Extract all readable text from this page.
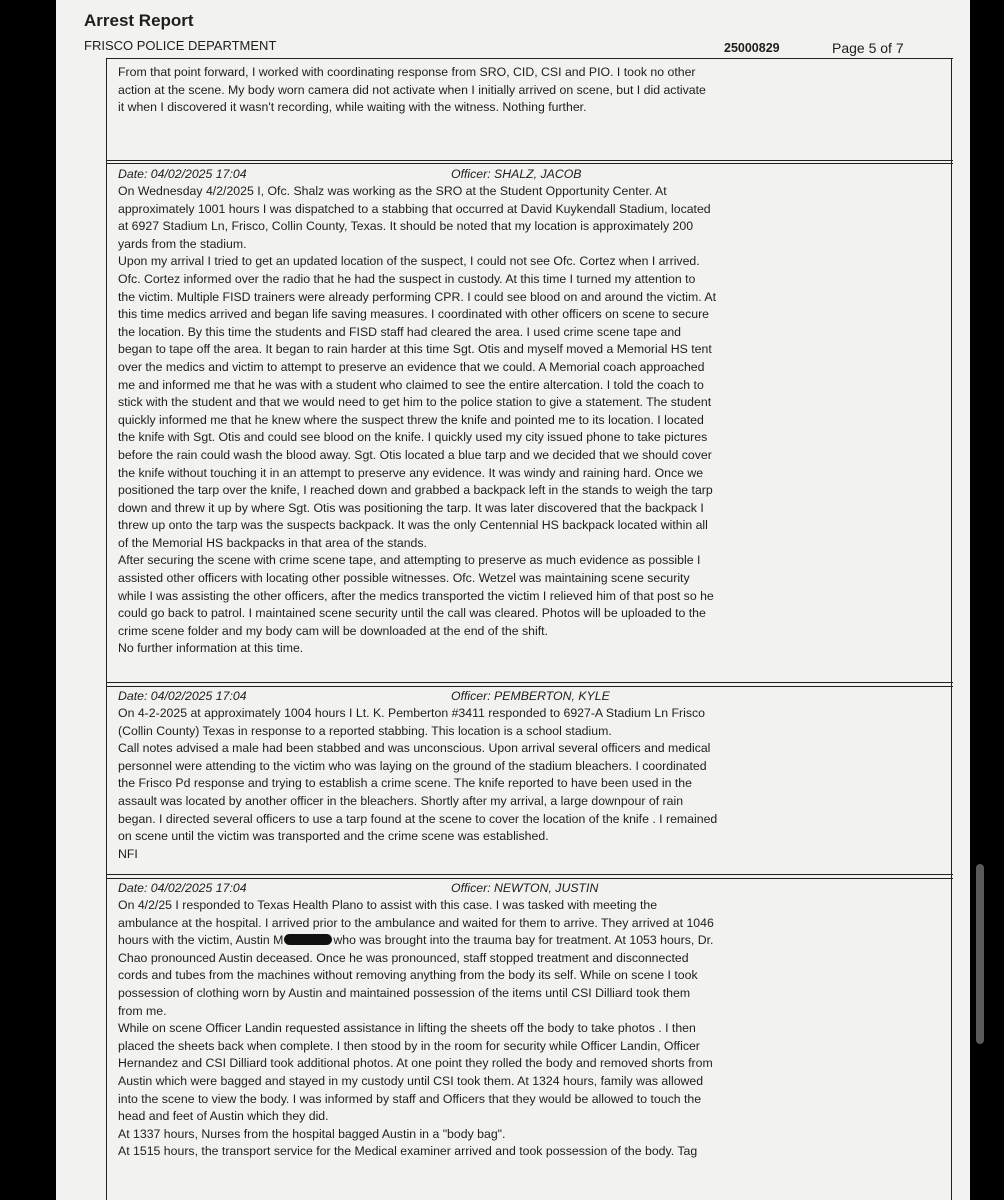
Arrest Report
FRISCO POLICE DEPARTMENT	25000829	Page 5 of 7
From that point forward, I worked with coordinating response from SRO, CID, CSI and PIO. I took no other
action at the scene. My body worn camera did not activate when I initially arrived on scene, but I did activate
it when I discovered it wasn't recording, while waiting with the witness. Nothing further.
Date: 04/02/2025 17:04	Officer: SHALZ, JACOB
On Wednesday 4/2/2025 I, Ofc. Shalz was working as the SRO at the Student Opportunity Center. At
approximately 1001 hours I was dispatched to a stabbing that occurred at David Kuykendall Stadium, located
at 6927 Stadium Ln, Frisco, Collin County, Texas. It should be noted that my location is approximately 200
yards from the stadium.
Upon my arrival I tried to get an updated location of the suspect, I could not see Ofc. Cortez when I arrived.
Ofc. Cortez informed over the radio that he had the suspect in custody. At this time I turned my attention to
the victim. Multiple FISD trainers were already performing CPR. I could see blood on and around the victim. At
this time medics arrived and began life saving measures. I coordinated with other officers on scene to secure
the location. By this time the students and FISD staff had cleared the area. I used crime scene tape and
began to tape off the area. It began to rain harder at this time Sgt. Otis and myself moved a Memorial HS tent
over the medics and victim to attempt to preserve an evidence that we could. A Memorial coach approached
me and informed me that he was with a student who claimed to see the entire altercation. I told the coach to
stick with the student and that we would need to get him to the police station to give a statement. The student
quickly informed me that he knew where the suspect threw the knife and pointed me to its location. I located
the knife with Sgt. Otis and could see blood on the knife. I quickly used my city issued phone to take pictures
before the rain could wash the blood away. Sgt. Otis located a blue tarp and we decided that we should cover
the knife without touching it in an attempt to preserve any evidence. It was windy and raining hard. Once we
positioned the tarp over the knife, I reached down and grabbed a backpack left in the stands to weigh the tarp
down and threw it up by where Sgt. Otis was positioning the tarp. It was later discovered that the backpack I
threw up onto the tarp was the suspects backpack. It was the only Centennial HS backpack located within all
of the Memorial HS backpacks in that area of the stands.
After securing the scene with crime scene tape, and attempting to preserve as much evidence as possible I
assisted other officers with locating other possible witnesses. Ofc. Wetzel was maintaining scene security
while I was assisting the other officers, after the medics transported the victim I relieved him of that post so he
could go back to patrol. I maintained scene security until the call was cleared. Photos will be uploaded to the
crime scene folder and my body cam will be downloaded at the end of the shift.
No further information at this time.
Date: 04/02/2025 17:04	Officer: PEMBERTON, KYLE
On 4-2-2025 at approximately 1004 hours I Lt. K. Pemberton #3411 responded to 6927-A Stadium Ln Frisco
(Collin County) Texas in response to a reported stabbing. This location is a school stadium.
Call notes advised a male had been stabbed and was unconscious. Upon arrival several officers and medical
personnel were attending to the victim who was laying on the ground of the stadium bleachers. I coordinated
the Frisco Pd response and trying to establish a crime scene. The knife reported to have been used in the
assault was located by another officer in the bleachers. Shortly after my arrival, a large downpour of rain
began. I directed several officers to use a tarp found at the scene to cover the location of the knife . I remained
on scene until the victim was transported and the crime scene was established.
NFI
Date: 04/02/2025 17:04	Officer: NEWTON, JUSTIN
On 4/2/25 I responded to Texas Health Plano to assist with this case. I was tasked with meeting the
ambulance at the hospital. I arrived prior to the ambulance and waited for them to arrive. They arrived at 1046
hours with the victim, Austin M	who was brought into the trauma bay for treatment. At 1053 hours, Dr.
Chao pronounced Austin deceased. Once he was pronounced, staff stopped treatment and disconnected
cords and tubes from the machines without removing anything from the body its self. While on scene I took
possession of clothing worn by Austin and maintained possession of the items until CSI Dilliard took them
from me.
While on scene Officer Landin requested assistance in lifting the sheets off the body to take photos . I then
placed the sheets back when complete. I then stood by in the room for security while Officer Landin, Officer
Hernandez and CSI Dilliard took additional photos. At one point they rolled the body and removed shorts from
Austin which were bagged and stayed in my custody until CSI took them. At 1324 hours, family was allowed
into the scene to view the body. I was informed by staff and Officers that they would be allowed to touch the
head and feet of Austin which they did.
At 1337 hours, Nurses from the hospital bagged Austin in a "body bag".
At 1515 hours, the transport service for the Medical examiner arrived and took possession of the body. Tag
